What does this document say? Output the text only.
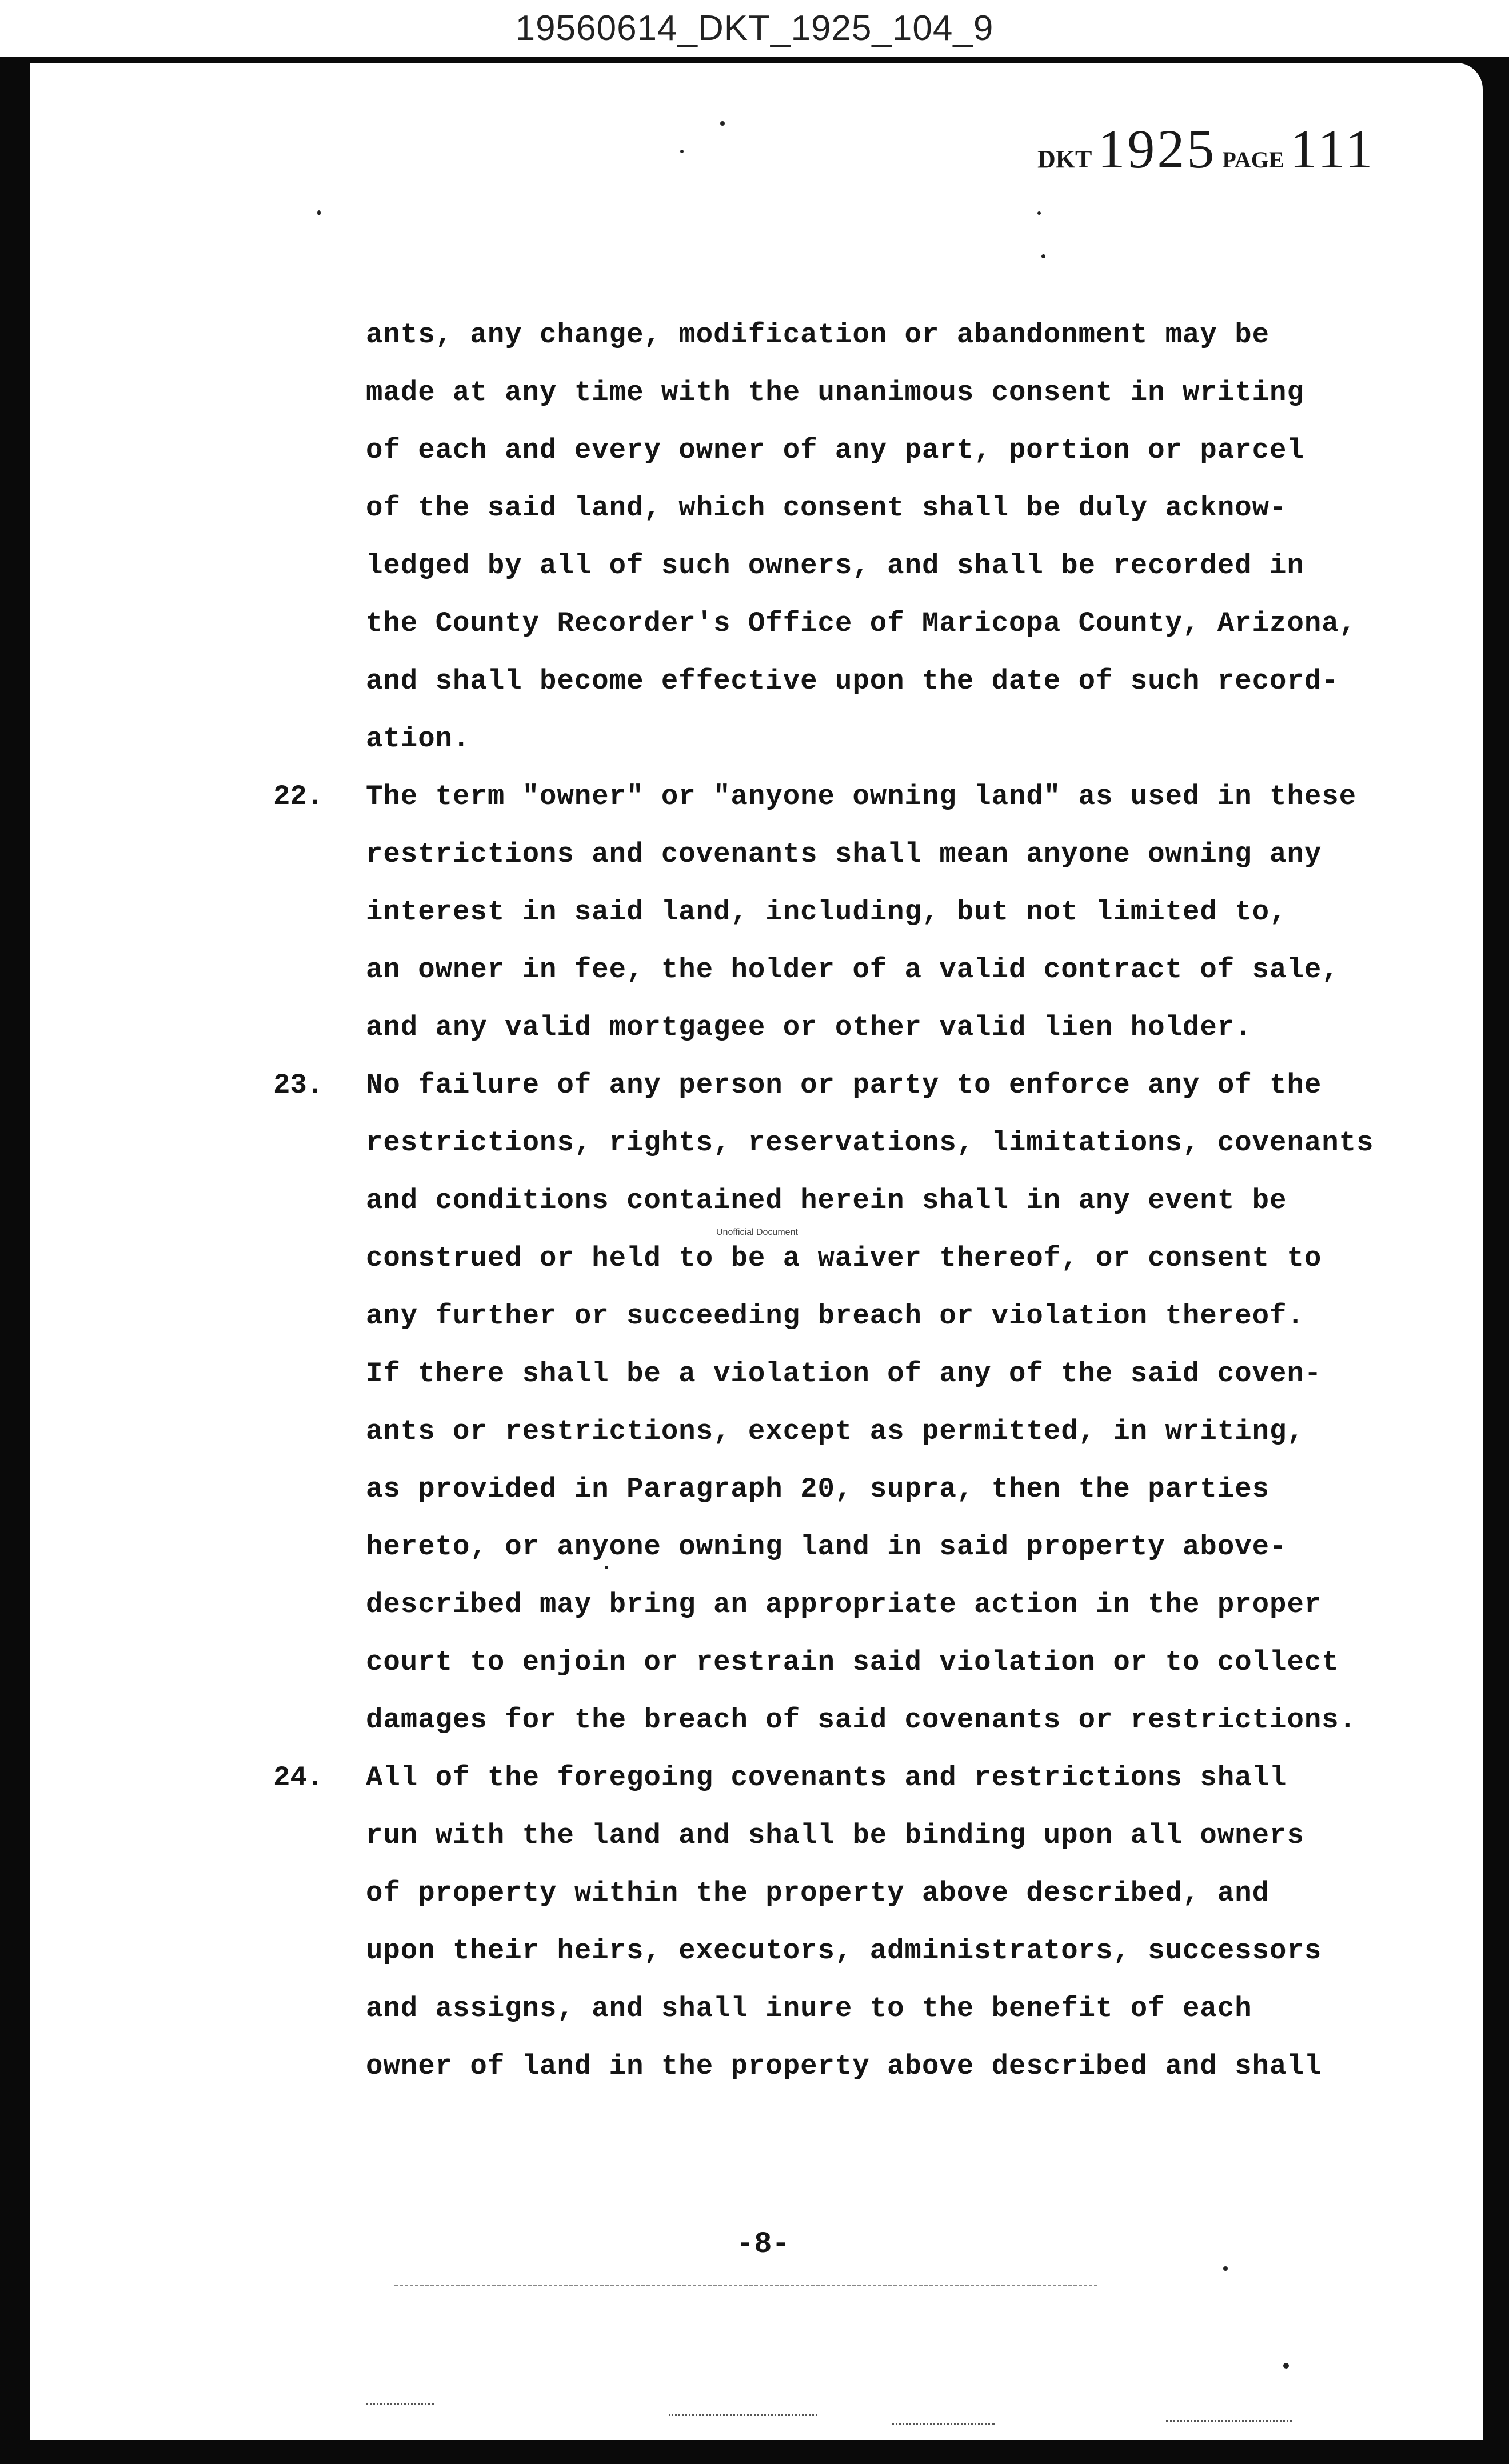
19560614_DKT_1925_104_9
DKT 1925 PAGE 111
ants, any change, modification or abandonment may be
made at any time with the unanimous consent in writing
of each and every owner of any part, portion or parcel
of the said land, which consent shall be duly acknow-
ledged by all of such owners, and shall be recorded in
the County Recorder's Office of Maricopa County, Arizona,
and shall become effective upon the date of such record-
ation.
22. The term "owner" or "anyone owning land" as used in these
restrictions and covenants shall mean anyone owning any
interest in said land, including, but not limited to,
an owner in fee, the holder of a valid contract of sale,
and any valid mortgagee or other valid lien holder.
23. No failure of any person or party to enforce any of the
restrictions, rights, reservations, limitations, covenants
and conditions contained herein shall in any event be
construed or held to be a waiver thereof, or consent to
any further or succeeding breach or violation thereof.
If there shall be a violation of any of the said coven-
ants or restrictions, except as permitted, in writing,
as provided in Paragraph 20, supra, then the parties
hereto, or anyone owning land in said property above-
described may bring an appropriate action in the proper
court to enjoin or restrain said violation or to collect
damages for the breach of said covenants or restrictions.
24. All of the foregoing covenants and restrictions shall
run with the land and shall be binding upon all owners
of property within the property above described, and
upon their heirs, executors, administrators, successors
and assigns, and shall inure to the benefit of each
owner of land in the property above described and shall
Unofficial Document
-8-
